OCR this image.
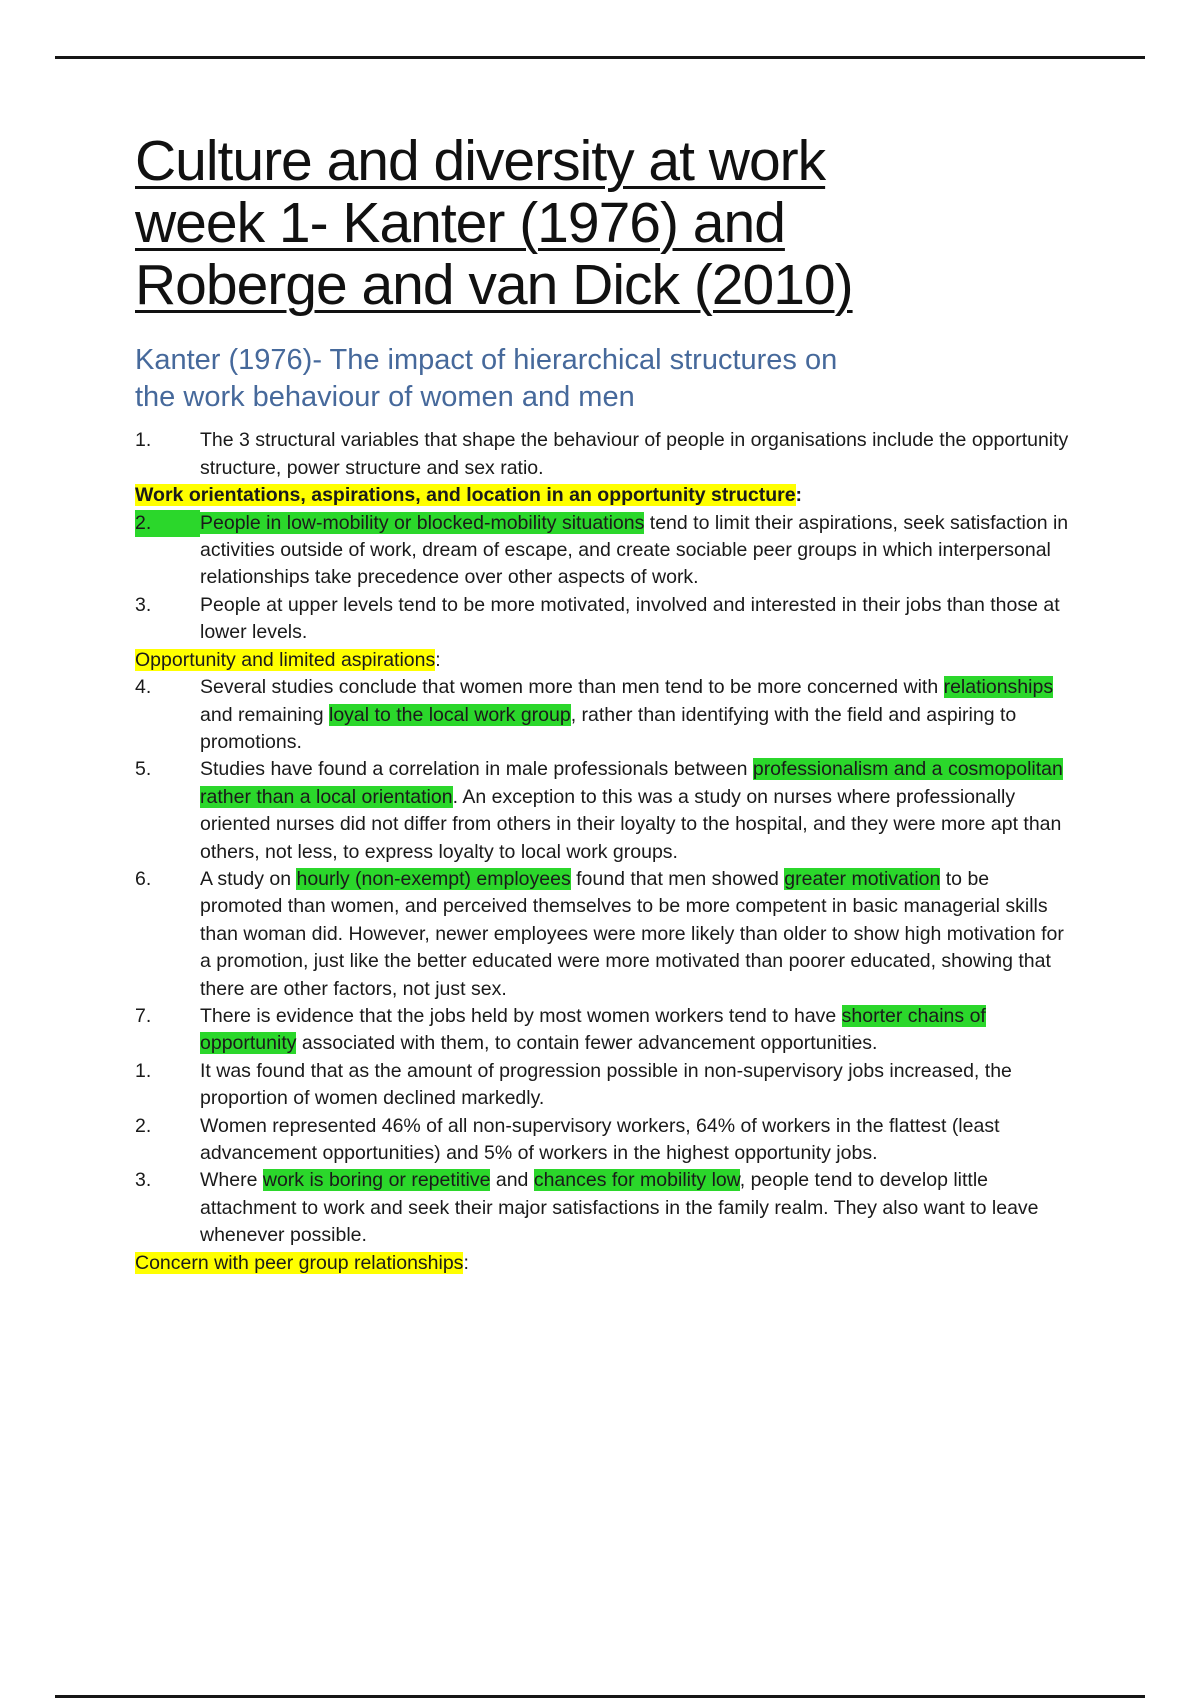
Culture and diversity at work
week 1- Kanter (1976) and
Roberge and van Dick (2010)
Kanter (1976)- The impact of hierarchical structures on
the work behaviour of women and men
1.	The 3 structural variables that shape the behaviour of people in organisations include the opportunity structure, power structure and sex ratio.
Work orientations, aspirations, and location in an opportunity structure:
2.	People in low-mobility or blocked-mobility situations tend to limit their aspirations, seek satisfaction in activities outside of work, dream of escape, and create sociable peer groups in which interpersonal relationships take precedence over other aspects of work.
3.	People at upper levels tend to be more motivated, involved and interested in their jobs than those at lower levels.
Opportunity and limited aspirations:
4.	Several studies conclude that women more than men tend to be more concerned with relationships and remaining loyal to the local work group, rather than identifying with the field and aspiring to promotions.
5.	Studies have found a correlation in male professionals between professionalism and a cosmopolitan rather than a local orientation. An exception to this was a study on nurses where professionally oriented nurses did not differ from others in their loyalty to the hospital, and they were more apt than others, not less, to express loyalty to local work groups.
6.	A study on hourly (non-exempt) employees found that men showed greater motivation to be promoted than women, and perceived themselves to be more competent in basic managerial skills than woman did. However, newer employees were more likely than older to show high motivation for a promotion, just like the better educated were more motivated than poorer educated, showing that there are other factors, not just sex.
7.	There is evidence that the jobs held by most women workers tend to have shorter chains of opportunity associated with them, to contain fewer advancement opportunities.
1.	It was found that as the amount of progression possible in non-supervisory jobs increased, the proportion of women declined markedly.
2.	Women represented 46% of all non-supervisory workers, 64% of workers in the flattest (least advancement opportunities) and 5% of workers in the highest opportunity jobs.
3.	Where work is boring or repetitive and chances for mobility low, people tend to develop little attachment to work and seek their major satisfactions in the family realm. They also want to leave whenever possible.
Concern with peer group relationships:
